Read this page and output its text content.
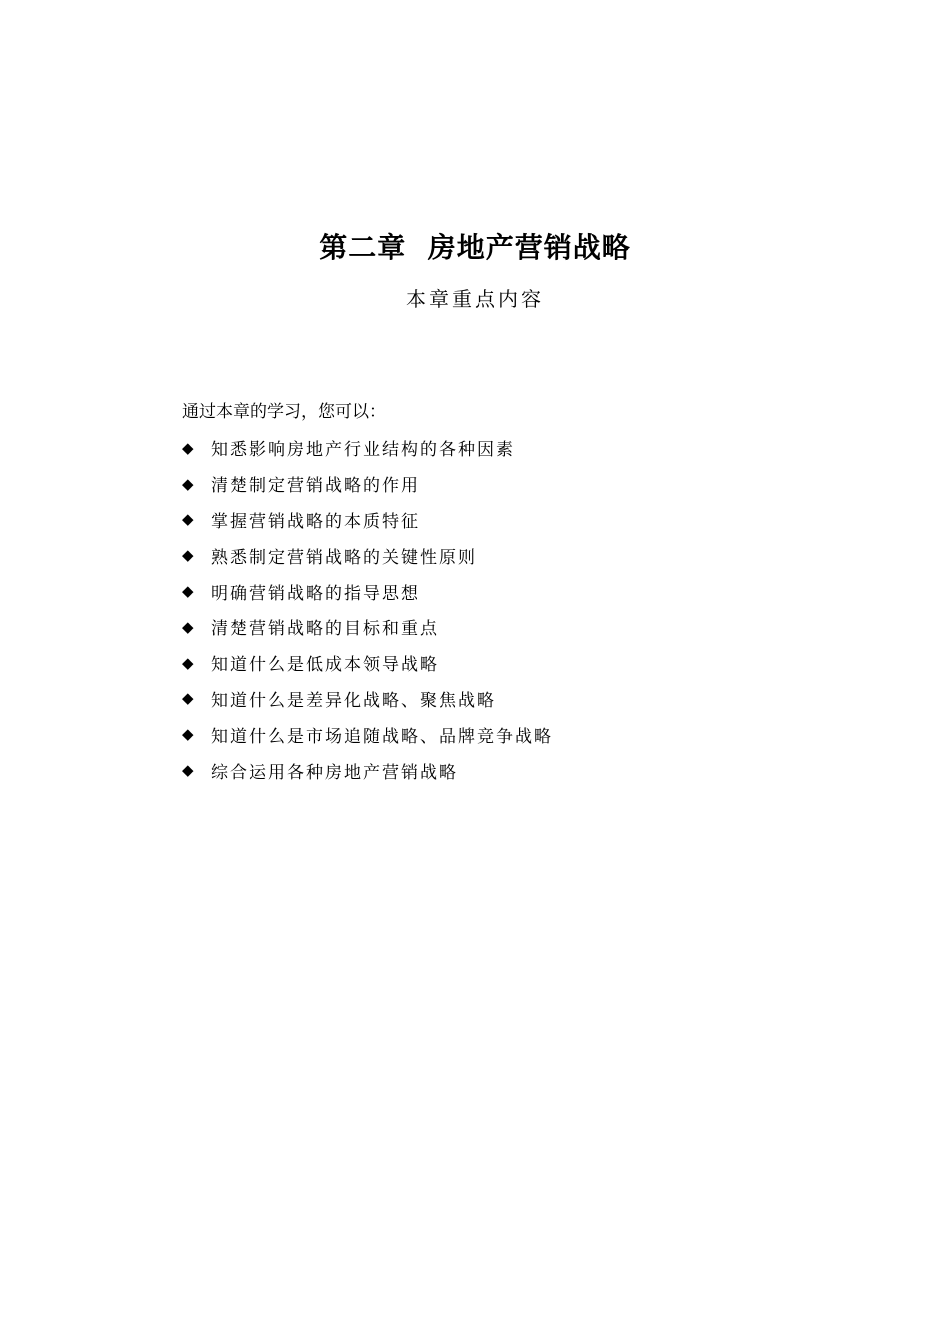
第二章  房地产营销战略
本章重点内容
通过本章的学习，您可以：
◆	知悉影响房地产行业结构的各种因素
◆	清楚制定营销战略的作用
◆	掌握营销战略的本质特征
◆	熟悉制定营销战略的关键性原则
◆	明确营销战略的指导思想
◆	清楚营销战略的目标和重点
◆	知道什么是低成本领导战略
◆	知道什么是差异化战略、聚焦战略
◆	知道什么是市场追随战略、品牌竞争战略
◆	综合运用各种房地产营销战略
